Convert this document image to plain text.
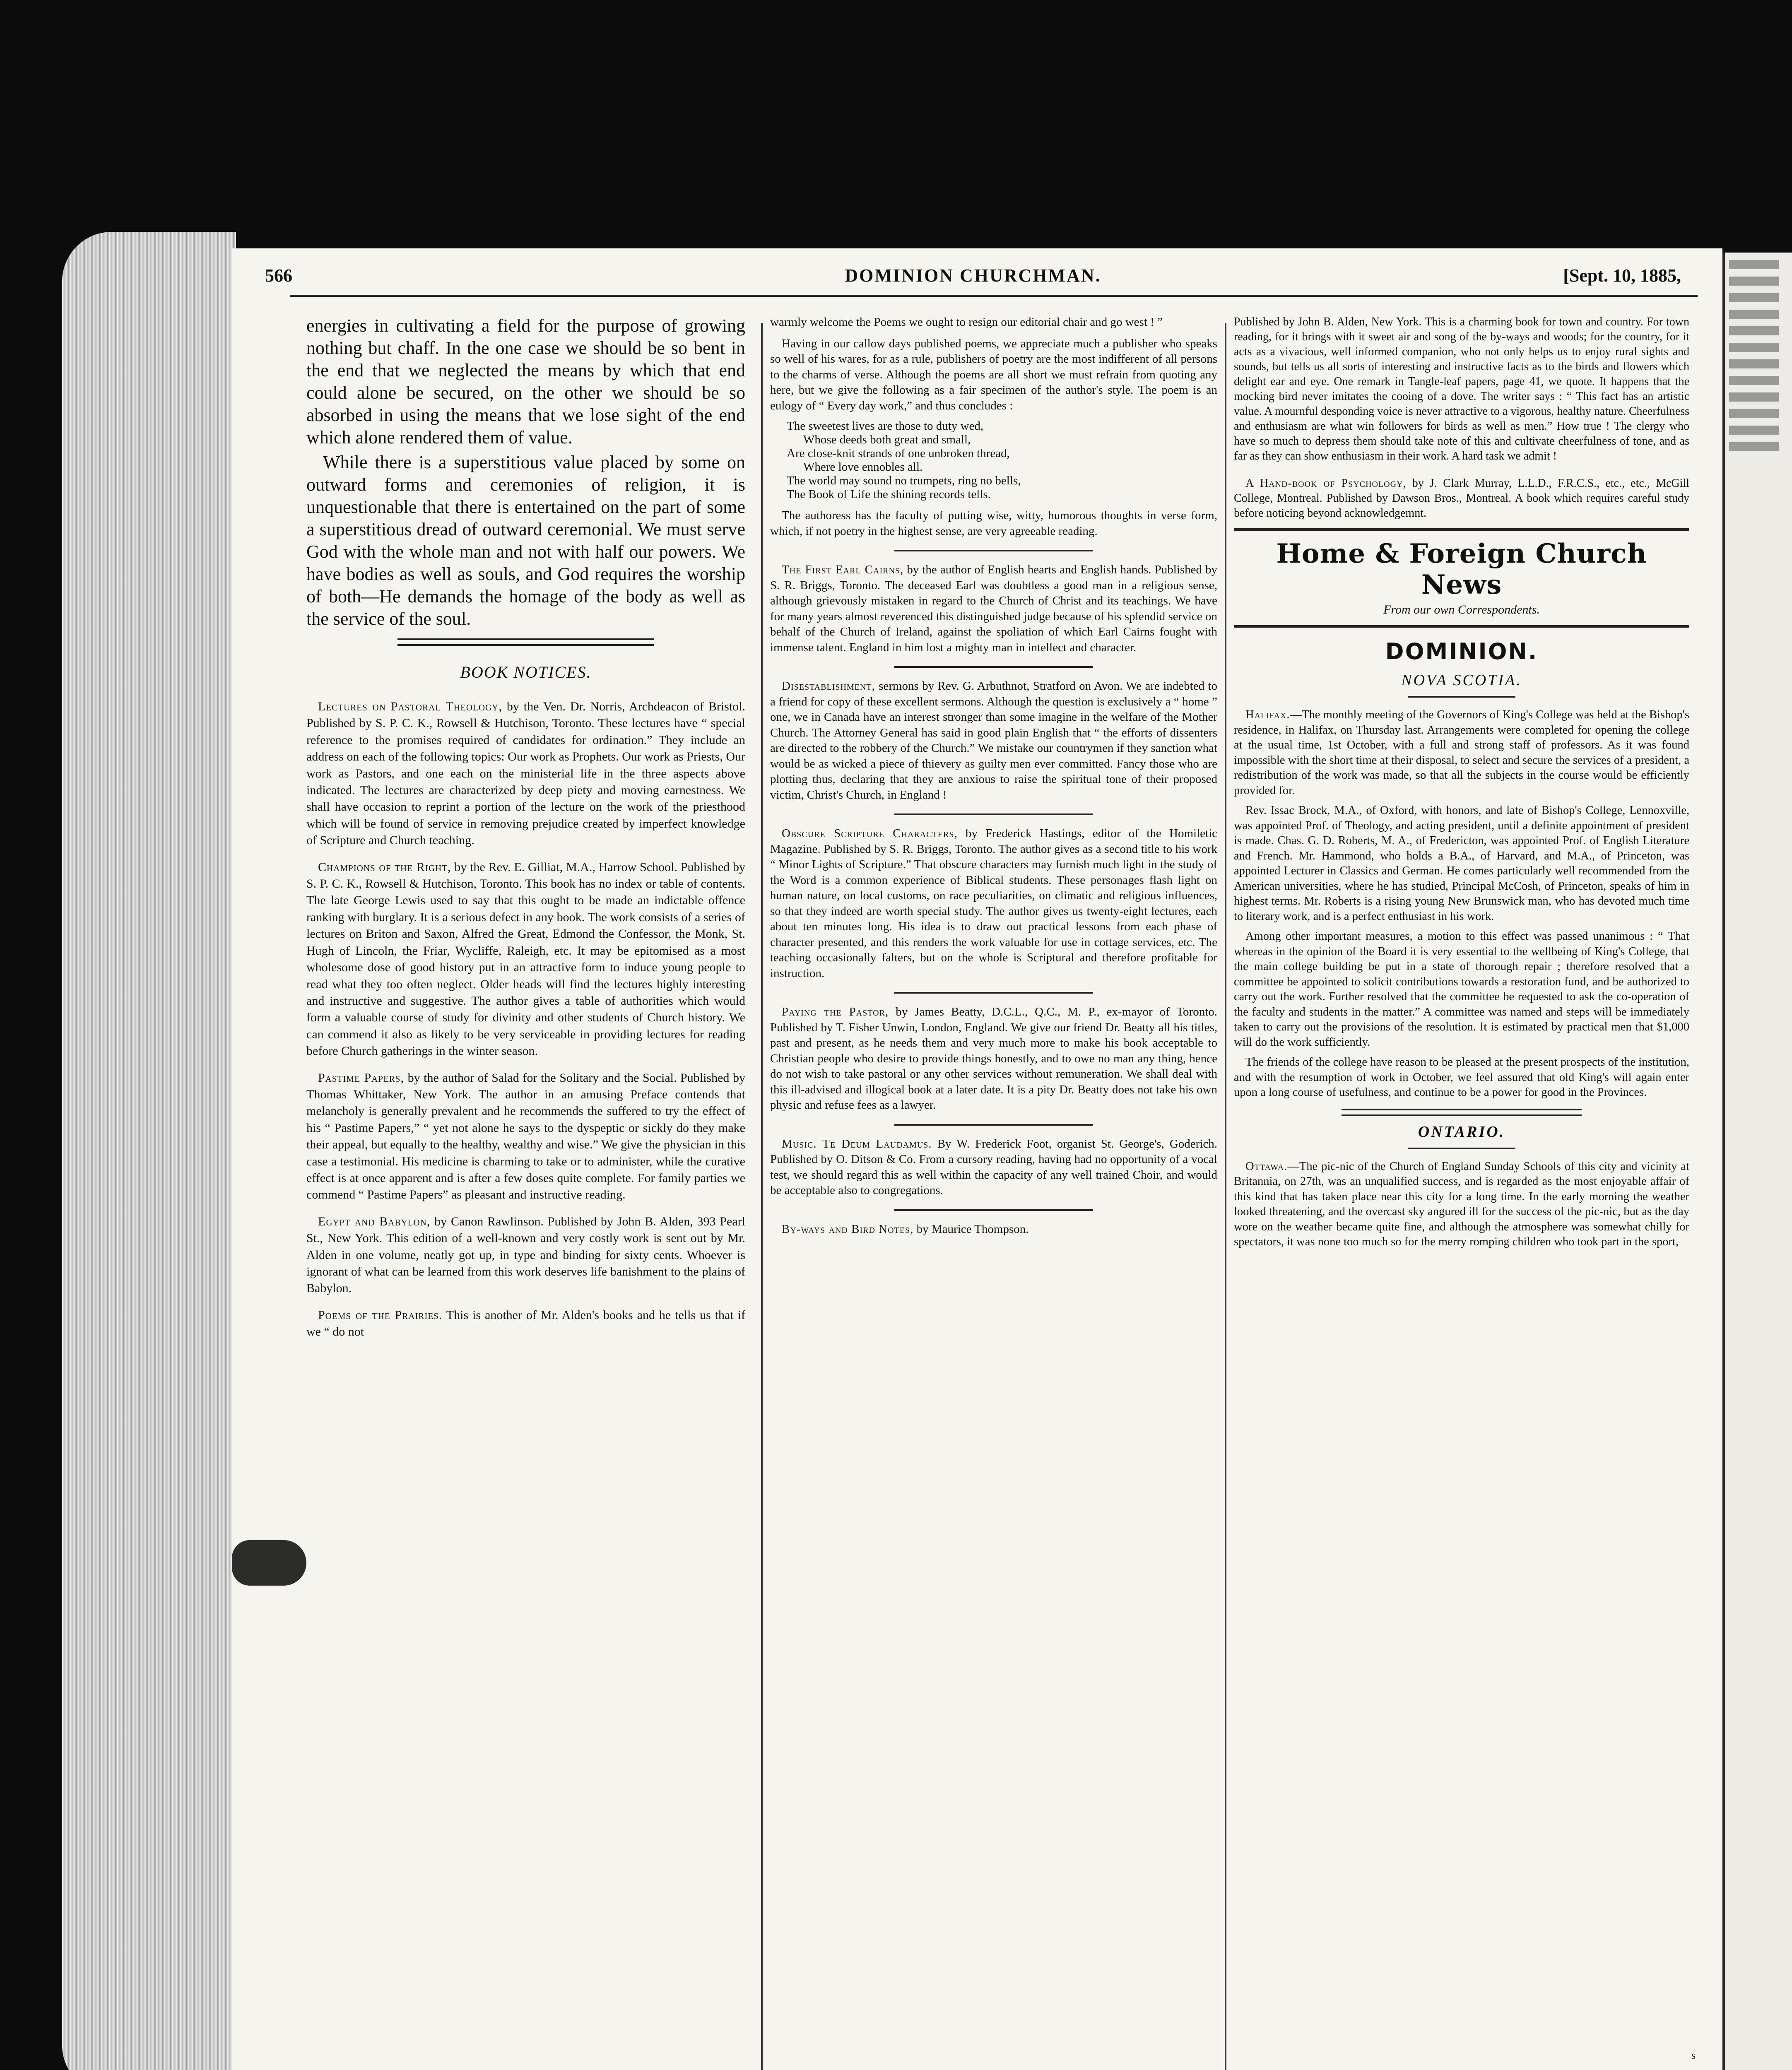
566	DOMINION CHURCHMAN.	[Sept. 10, 1885,

energies in cultivating a field for the purpose of growing nothing but chaff. In the one case we should be so bent in the end that we neglected the means by which that end could alone be secured, on the other we should be so absorbed in using the means that we lose sight of the end which alone rendered them of value.

While there is a superstitious value placed by some on outward forms and ceremonies of religion, it is unquestionable that there is entertained on the part of some a superstitious dread of outward ceremonial. We must serve God with the whole man and not with half our powers. We have bodies as well as souls, and God requires the worship of both—He demands the homage of the body as well as the service of the soul.

BOOK NOTICES.

Lectures on Pastoral Theology, by the Ven. Dr. Norris, Archdeacon of Bristol. Published by S. P. C. K., Rowsell & Hutchison, Toronto. These lectures have “ special reference to the promises required of candidates for ordination.” They include an address on each of the following topics: Our work as Prophets. Our work as Priests, Our work as Pastors, and one each on the ministerial life in the three aspects above indicated. The lectures are characterized by deep piety and moving earnestness. We shall have occasion to reprint a portion of the lecture on the work of the priesthood which will be found of service in removing prejudice created by imperfect knowledge of Scripture and Church teaching.

Champions of the Right, by the Rev. E. Gilliat, M.A., Harrow School. Published by S. P. C. K., Rowsell & Hutchison, Toronto. This book has no index or table of contents. The late George Lewis used to say that this ought to be made an indictable offence ranking with burglary. It is a serious defect in any book. The work consists of a series of lectures on Briton and Saxon, Alfred the Great, Edmond the Confessor, the Monk, St. Hugh of Lincoln, the Friar, Wycliffe, Raleigh, etc. It may be epitomised as a most wholesome dose of good history put in an attractive form to induce young people to read what they too often neglect. Older heads will find the lectures highly interesting and instructive and suggestive. The author gives a table of authorities which would form a valuable course of study for divinity and other students of Church history. We can commend it also as likely to be very serviceable in providing lectures for reading before Church gatherings in the winter season.

Pastime Papers, by the author of Salad for the Solitary and the Social. Published by Thomas Whittaker, New York. The author in an amusing Preface contends that melancholy is generally prevalent and he recommends the suffered to try the effect of his “ Pastime Papers,” “ yet not alone he says to the dyspeptic or sickly do they make their appeal, but equally to the healthy, wealthy and wise.” We give the physician in this case a testimonial. His medicine is charming to take or to administer, while the curative effect is at once apparent and is after a few doses quite complete. For family parties we commend “ Pastime Papers” as pleasant and instructive reading.

Egypt and Babylon, by Canon Rawlinson. Published by John B. Alden, 393 Pearl St., New York. This edition of a well-known and very costly work is sent out by Mr. Alden in one volume, neatly got up, in type and binding for sixty cents. Whoever is ignorant of what can be learned from this work deserves life banishment to the plains of Babylon.

Poems of the Prairies. This is another of Mr. Alden's books and he tells us that if we “ do not

warmly welcome the Poems we ought to resign our editorial chair and go west ! ”

Having in our callow days published poems, we appreciate much a publisher who speaks so well of his wares, for as a rule, publishers of poetry are the most indifferent of all persons to the charms of verse. Although the poems are all short we must refrain from quoting any here, but we give the following as a fair specimen of the author's style. The poem is an eulogy of “ Every day work,” and thus concludes :

The sweetest lives are those to duty wed,
Whose deeds both great and small,
Are close-knit strands of one unbroken thread,
Where love ennobles all.
The world may sound no trumpets, ring no bells,
The Book of Life the shining records tells.

The authoress has the faculty of putting wise, witty, humorous thoughts in verse form, which, if not poetry in the highest sense, are very agreeable reading.

The First Earl Cairns, by the author of English hearts and English hands. Published by S. R. Briggs, Toronto. The deceased Earl was doubtless a good man in a religious sense, although grievously mistaken in regard to the Church of Christ and its teachings. We have for many years almost reverenced this distinguished judge because of his splendid service on behalf of the Church of Ireland, against the spoliation of which Earl Cairns fought with immense talent. England in him lost a mighty man in intellect and character.

Disestablishment, sermons by Rev. G. Arbuthnot, Stratford on Avon. We are indebted to a friend for copy of these excellent sermons. Although the question is exclusively a “ home ” one, we in Canada have an interest stronger than some imagine in the welfare of the Mother Church. The Attorney General has said in good plain English that “ the efforts of dissenters are directed to the robbery of the Church.” We mistake our countrymen if they sanction what would be as wicked a piece of thievery as guilty men ever committed. Fancy those who are plotting thus, declaring that they are anxious to raise the spiritual tone of their proposed victim, Christ's Church, in England !

Obscure Scripture Characters, by Frederick Hastings, editor of the Homiletic Magazine. Published by S. R. Briggs, Toronto. The author gives as a second title to his work “ Minor Lights of Scripture.” That obscure characters may furnish much light in the study of the Word is a common experience of Biblical students. These personages flash light on human nature, on local customs, on race peculiarities, on climatic and religious influences, so that they indeed are worth special study. The author gives us twenty-eight lectures, each about ten minutes long. His idea is to draw out practical lessons from each phase of character presented, and this renders the work valuable for use in cottage services, etc. The teaching occasionally falters, but on the whole is Scriptural and therefore profitable for instruction.

Paying the Pastor, by James Beatty, D.C.L., Q.C., M. P., ex-mayor of Toronto. Published by T. Fisher Unwin, London, England. We give our friend Dr. Beatty all his titles, past and present, as he needs them and very much more to make his book acceptable to Christian people who desire to provide things honestly, and to owe no man any thing, hence do not wish to take pastoral or any other services without remuneration. We shall deal with this ill-advised and illogical book at a later date. It is a pity Dr. Beatty does not take his own physic and refuse fees as a lawyer.

Music. Te Deum Laudamus. By W. Frederick Foot, organist St. George's, Goderich. Published by O. Ditson & Co. From a cursory reading, having had no opportunity of a vocal test, we should regard this as well within the capacity of any well trained Choir, and would be acceptable also to congregations.

By-ways and Bird Notes, by Maurice Thompson.

Published by John B. Alden, New York. This is a charming book for town and country. For town reading, for it brings with it sweet air and song of the by-ways and woods; for the country, for it acts as a vivacious, well informed companion, who not only helps us to enjoy rural sights and sounds, but tells us all sorts of interesting and instructive facts as to the birds and flowers which delight ear and eye. One remark in Tangle-leaf papers, page 41, we quote. It happens that the mocking bird never imitates the cooing of a dove. The writer says : “ This fact has an artistic value. A mournful desponding voice is never attractive to a vigorous, healthy nature. Cheerfulness and enthusiasm are what win followers for birds as well as men.” How true ! The clergy who have so much to depress them should take note of this and cultivate cheerfulness of tone, and as far as they can show enthusiasm in their work. A hard task we admit !

A Hand-book of Psychology, by J. Clark Murray, L.L.D., F.R.C.S., etc., etc., McGill College, Montreal. Published by Dawson Bros., Montreal. A book which requires careful study before noticing beyond acknowledgemnt.

Home & Foreign Church News
From our own Correspondents.
DOMINION.
NOVA SCOTIA.

Halifax.—The monthly meeting of the Governors of King's College was held at the Bishop's residence, in Halifax, on Thursday last. Arrangements were completed for opening the college at the usual time, 1st October, with a full and strong staff of professors. As it was found impossible with the short time at their disposal, to select and secure the services of a president, a redistribution of the work was made, so that all the subjects in the course would be efficiently provided for.

Rev. Issac Brock, M.A., of Oxford, with honors, and late of Bishop's College, Lennoxville, was appointed Prof. of Theology, and acting president, until a definite appointment of president is made. Chas. G. D. Roberts, M. A., of Fredericton, was appointed Prof. of English Literature and French. Mr. Hammond, who holds a B.A., of Harvard, and M.A., of Princeton, was appointed Lecturer in Classics and German. He comes particularly well recommended from the American universities, where he has studied, Principal McCosh, of Princeton, speaks of him in highest terms. Mr. Roberts is a rising young New Brunswick man, who has devoted much time to literary work, and is a perfect enthusiast in his work.

Among other important measures, a motion to this effect was passed unanimous : “ That whereas in the opinion of the Board it is very essential to the wellbeing of King's College, that the main college building be put in a state of thorough repair ; therefore resolved that a committee be appointed to solicit contributions towards a restoration fund, and be authorized to carry out the work. Further resolved that the committee be requested to ask the co-operation of the faculty and students in the matter.” A committee was named and steps will be immediately taken to carry out the provisions of the resolution. It is estimated by practical men that $1,000 will do the work sufficiently.

The friends of the college have reason to be pleased at the present prospects of the institution, and with the resumption of work in October, we feel assured that old King's will again enter upon a long course of usefulness, and continue to be a power for good in the Provinces.

ONTARIO.

Ottawa.—The pic-nic of the Church of England Sunday Schools of this city and vicinity at Britannia, on 27th, was an unqualified success, and is regarded as the most enjoyable affair of this kind that has taken place near this city for a long time. In the early morning the weather looked threatening, and the overcast sky angured ill for the success of the pic-nic, but as the day wore on the weather became quite fine, and although the atmosphere was somewhat chilly for spectators, it was none too much so for the merry romping children who took part in the sport,

s
